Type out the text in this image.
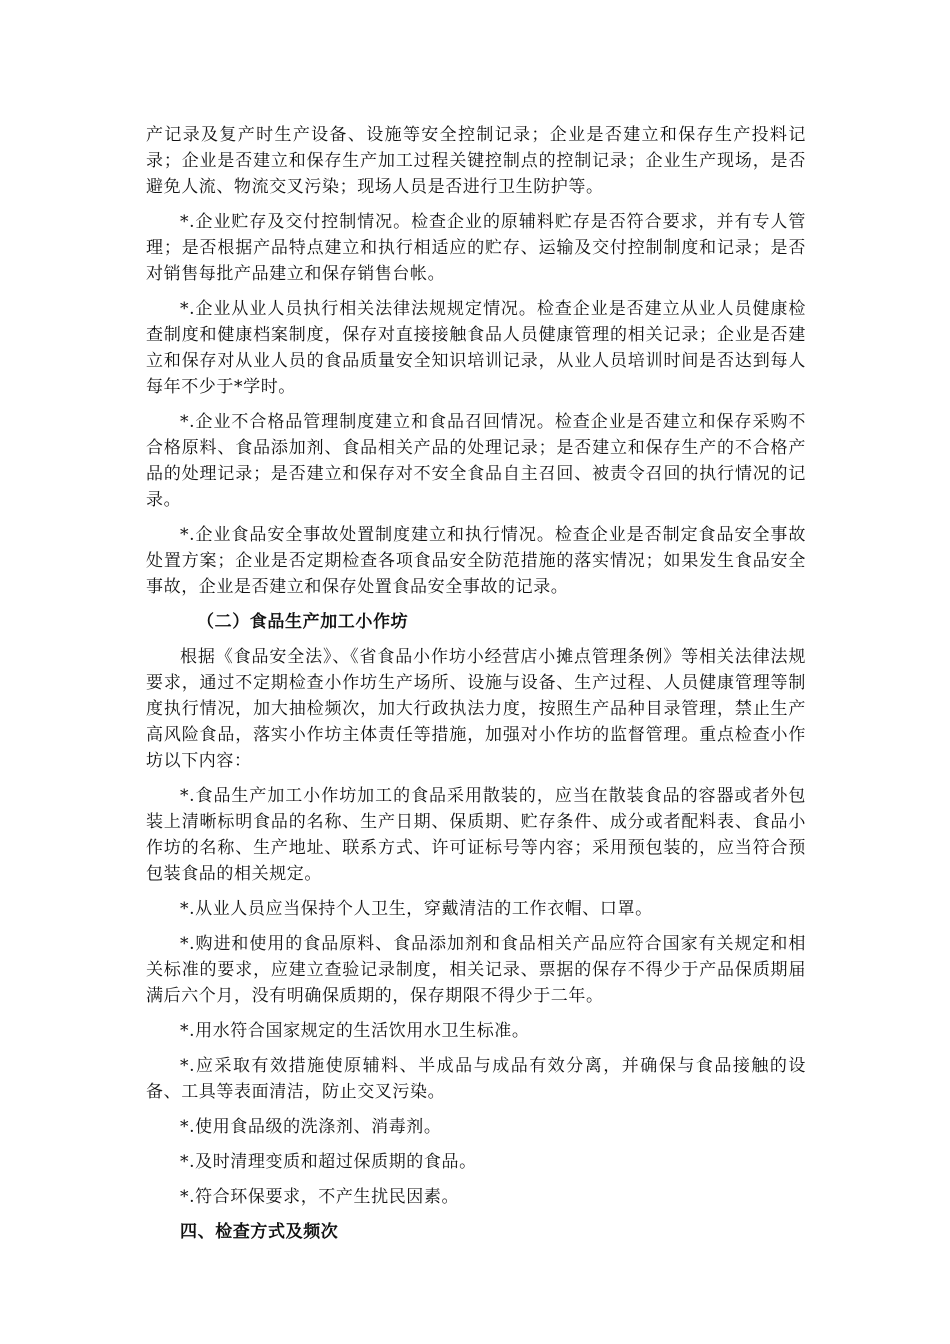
产记录及复产时生产设备、设施等安全控制记录；企业是否建立和保存生产投料记录；企业是否建立和保存生产加工过程关键控制点的控制记录；企业生产现场，是否避免人流、物流交叉污染；现场人员是否进行卫生防护等。

*.企业贮存及交付控制情况。检查企业的原辅料贮存是否符合要求，并有专人管理；是否根据产品特点建立和执行相适应的贮存、运输及交付控制制度和记录；是否对销售每批产品建立和保存销售台帐。

*.企业从业人员执行相关法律法规规定情况。检查企业是否建立从业人员健康检查制度和健康档案制度，保存对直接接触食品人员健康管理的相关记录；企业是否建立和保存对从业人员的食品质量安全知识培训记录，从业人员培训时间是否达到每人每年不少于*学时。

*.企业不合格品管理制度建立和食品召回情况。检查企业是否建立和保存采购不合格原料、食品添加剂、食品相关产品的处理记录；是否建立和保存生产的不合格产品的处理记录；是否建立和保存对不安全食品自主召回、被责令召回的执行情况的记录。

*.企业食品安全事故处置制度建立和执行情况。检查企业是否制定食品安全事故处置方案；企业是否定期检查各项食品安全防范措施的落实情况；如果发生食品安全事故，企业是否建立和保存处置食品安全事故的记录。

（二）食品生产加工小作坊

根据《食品安全法》、《省食品小作坊小经营店小摊点管理条例》等相关法律法规要求，通过不定期检查小作坊生产场所、设施与设备、生产过程、人员健康管理等制度执行情况，加大抽检频次，加大行政执法力度，按照生产品种目录管理，禁止生产高风险食品，落实小作坊主体责任等措施，加强对小作坊的监督管理。重点检查小作坊以下内容：

*.食品生产加工小作坊加工的食品采用散装的，应当在散装食品的容器或者外包装上清晰标明食品的名称、生产日期、保质期、贮存条件、成分或者配料表、食品小作坊的名称、生产地址、联系方式、许可证标号等内容；采用预包装的，应当符合预包装食品的相关规定。

*.从业人员应当保持个人卫生，穿戴清洁的工作衣帽、口罩。

*.购进和使用的食品原料、食品添加剂和食品相关产品应符合国家有关规定和相关标准的要求，应建立查验记录制度，相关记录、票据的保存不得少于产品保质期届满后六个月，没有明确保质期的，保存期限不得少于二年。

*.用水符合国家规定的生活饮用水卫生标准。

*.应采取有效措施使原辅料、半成品与成品有效分离，并确保与食品接触的设备、工具等表面清洁，防止交叉污染。

*.使用食品级的洗涤剂、消毒剂。

*.及时清理变质和超过保质期的食品。

*.符合环保要求，不产生扰民因素。

四、检查方式及频次
